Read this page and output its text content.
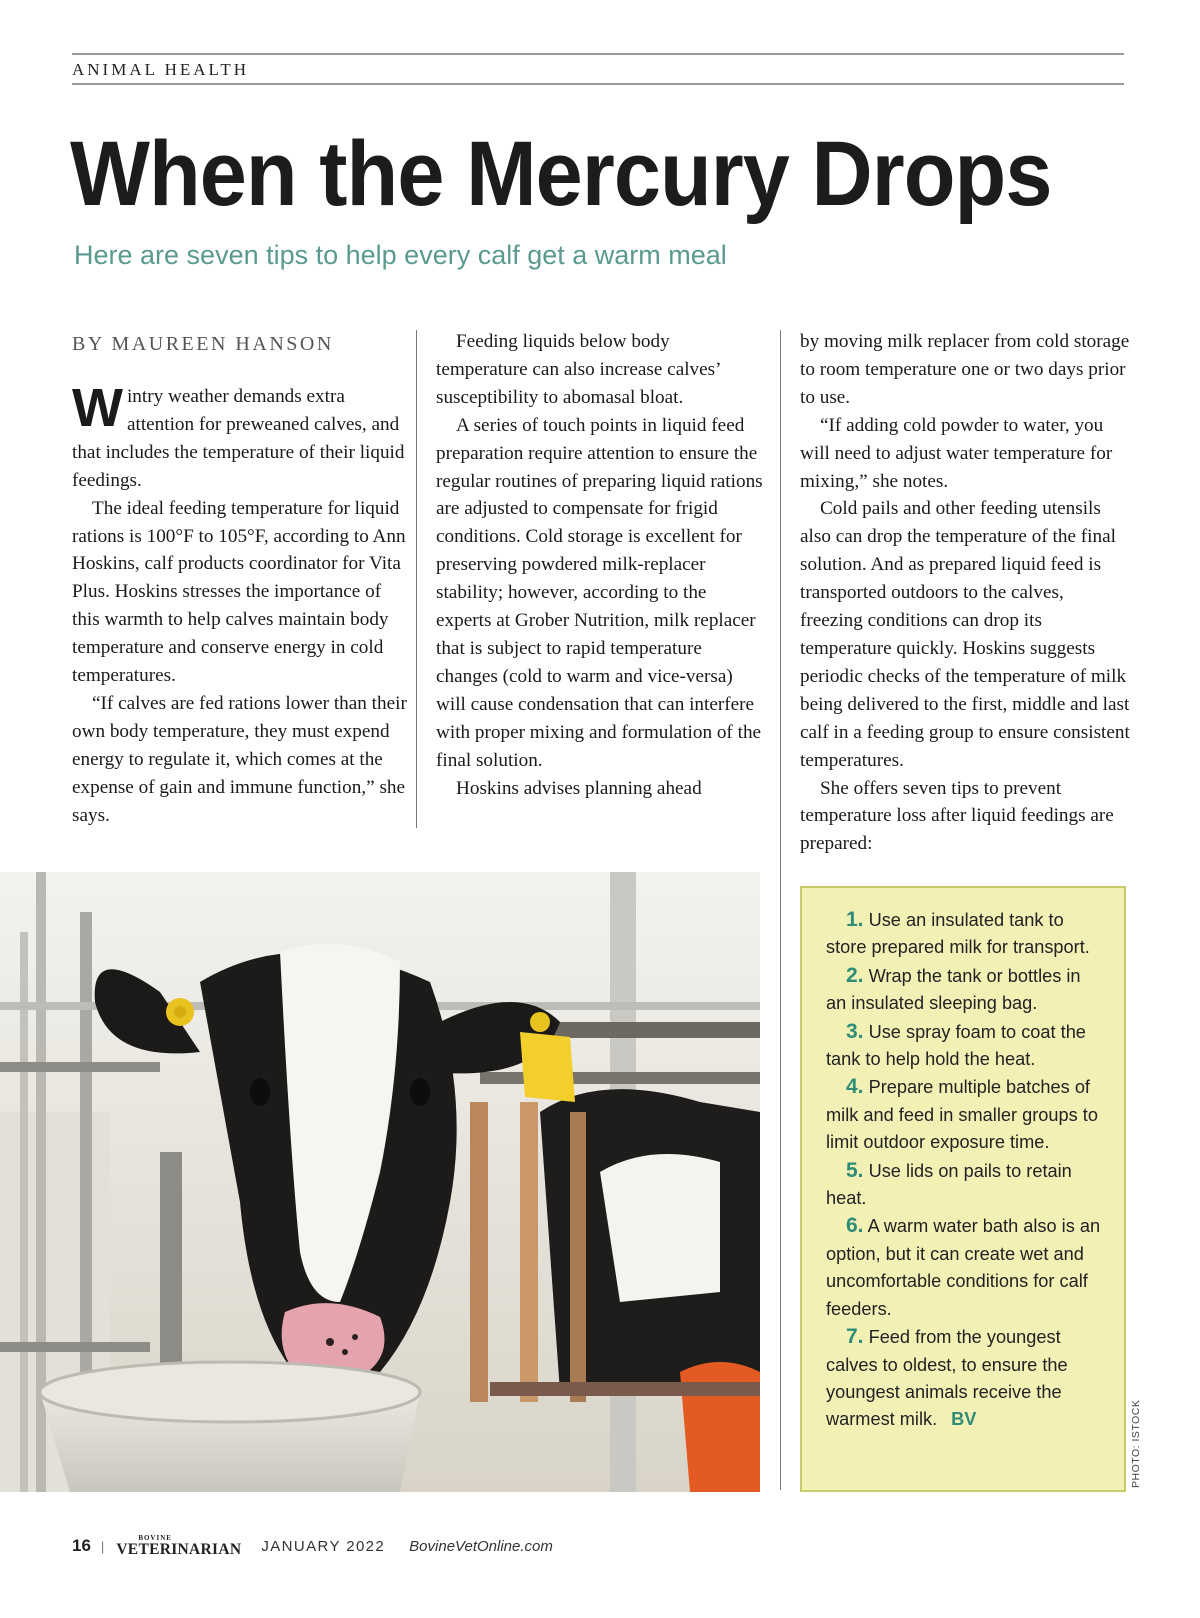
ANIMAL HEALTH
When the Mercury Drops
Here are seven tips to help every calf get a warm meal
BY MAUREEN HANSON

Wintry weather demands extra attention for preweaned calves, and that includes the temperature of their liquid feedings.

The ideal feeding temperature for liquid rations is 100°F to 105°F, according to Ann Hoskins, calf products coordinator for Vita Plus. Hoskins stresses the importance of this warmth to help calves maintain body temperature and conserve energy in cold temperatures.

“If calves are fed rations lower than their own body temperature, they must expend energy to regulate it, which comes at the expense of gain and immune function,” she says.

Feeding liquids below body temperature can also increase calves’ susceptibility to abomasal bloat.

A series of touch points in liquid feed preparation require attention to ensure the regular routines of preparing liquid rations are adjusted to compensate for frigid conditions. Cold storage is excellent for preserving powdered milk-replacer stability; however, according to the experts at Grober Nutrition, milk replacer that is subject to rapid temperature changes (cold to warm and vice-versa) will cause condensation that can interfere with proper mixing and formulation of the final solution.

Hoskins advises planning ahead

by moving milk replacer from cold storage to room temperature one or two days prior to use.

“If adding cold powder to water, you will need to adjust water temperature for mixing,” she notes.

Cold pails and other feeding utensils also can drop the temperature of the final solution. And as prepared liquid feed is transported outdoors to the calves, freezing conditions can drop its temperature quickly. Hoskins suggests periodic checks of the temperature of milk being delivered to the first, middle and last calf in a feeding group to ensure consistent temperatures.

She offers seven tips to prevent temperature loss after liquid feedings are prepared:

1. Use an insulated tank to store prepared milk for transport.

2. Wrap the tank or bottles in an insulated sleeping bag.

3. Use spray foam to coat the tank to help hold the heat.

4. Prepare multiple batches of milk and feed in smaller groups to limit outdoor exposure time.

5. Use lids on pails to retain heat.

6. A warm water bath also is an option, but it can create wet and uncomfortable conditions for calf feeders.

7. Feed from the youngest calves to oldest, to ensure the youngest animals receive the warmest milk. BV	PHOTO: ISTOCK
16 |
BOVINE
VETERINARIAN JANUARY 2022 BovineVetOnline.com
